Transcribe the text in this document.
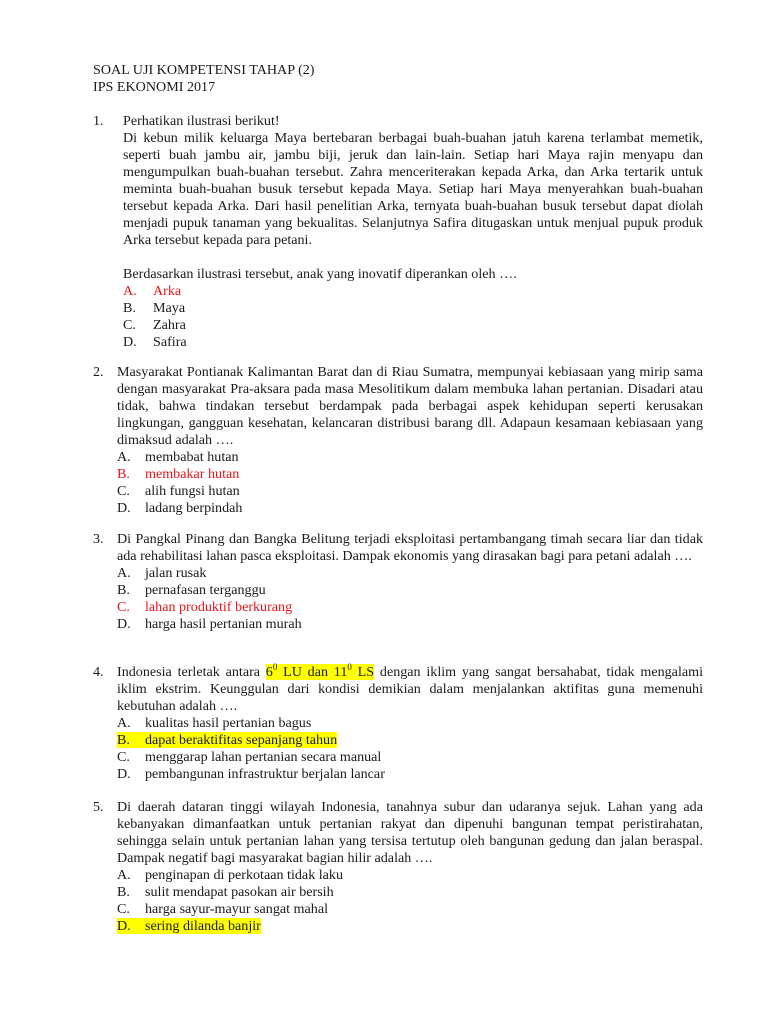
SOAL UJI KOMPETENSI TAHAP (2)
IPS EKONOMI 2017
1. Perhatikan ilustrasi berikut!
Di kebun milik keluarga Maya bertebaran berbagai buah-buahan jatuh karena terlambat memetik, seperti buah jambu air, jambu biji, jeruk dan lain-lain. Setiap hari Maya rajin menyapu dan mengumpulkan buah-buahan tersebut. Zahra menceriterakan kepada Arka, dan Arka tertarik untuk meminta buah-buahan busuk tersebut kepada Maya. Setiap hari Maya menyerahkan buah-buahan tersebut kepada Arka. Dari hasil penelitian Arka, ternyata buah-buahan busuk tersebut dapat diolah menjadi pupuk tanaman yang bekualitas. Selanjutnya Safira ditugaskan untuk menjual pupuk produk Arka tersebut kepada para petani.
Berdasarkan ilustrasi tersebut, anak yang inovatif diperankan oleh ….
A. Arka
B. Maya
C. Zahra
D. Safira
2. Masyarakat Pontianak Kalimantan Barat dan di Riau Sumatra, mempunyai kebiasaan yang mirip sama dengan masyarakat Pra-aksara pada masa Mesolitikum dalam membuka lahan pertanian. Disadari atau tidak, bahwa tindakan tersebut berdampak pada berbagai aspek kehidupan seperti kerusakan lingkungan, gangguan kesehatan, kelancaran distribusi barang dll. Adapaun kesamaan kebiasaan yang dimaksud adalah ….
A. membabat hutan
B. membakar hutan
C. alih fungsi hutan
D. ladang berpindah
3. Di Pangkal Pinang dan Bangka Belitung terjadi eksploitasi pertambangang timah secara liar dan tidak ada rehabilitasi lahan pasca eksploitasi. Dampak ekonomis yang dirasakan bagi para petani adalah ….
A. jalan rusak
B. pernafasan terganggu
C. lahan produktif berkurang
D. harga hasil pertanian murah
4. Indonesia terletak antara $6^0$ LU dan $11^0$ LS dengan iklim yang sangat bersahabat, tidak mengalami iklim ekstrim. Keunggulan dari kondisi demikian dalam menjalankan aktifitas guna memenuhi kebutuhan adalah ….
A. kualitas hasil pertanian bagus
B. dapat beraktifitas sepanjang tahun
C. menggarap lahan pertanian secara manual
D. pembangunan infrastruktur berjalan lancar
5. Di daerah dataran tinggi wilayah Indonesia, tanahnya subur dan udaranya sejuk. Lahan yang ada kebanyakan dimanfaatkan untuk pertanian rakyat dan dipenuhi bangunan tempat peristirahatan, sehingga selain untuk pertanian lahan yang tersisa tertutup oleh bangunan gedung dan jalan beraspal. Dampak negatif bagi masyarakat bagian hilir adalah ….
A. penginapan di perkotaan tidak laku
B. sulit mendapat pasokan air bersih
C. harga sayur-mayur sangat mahal
D. sering dilanda banjir
